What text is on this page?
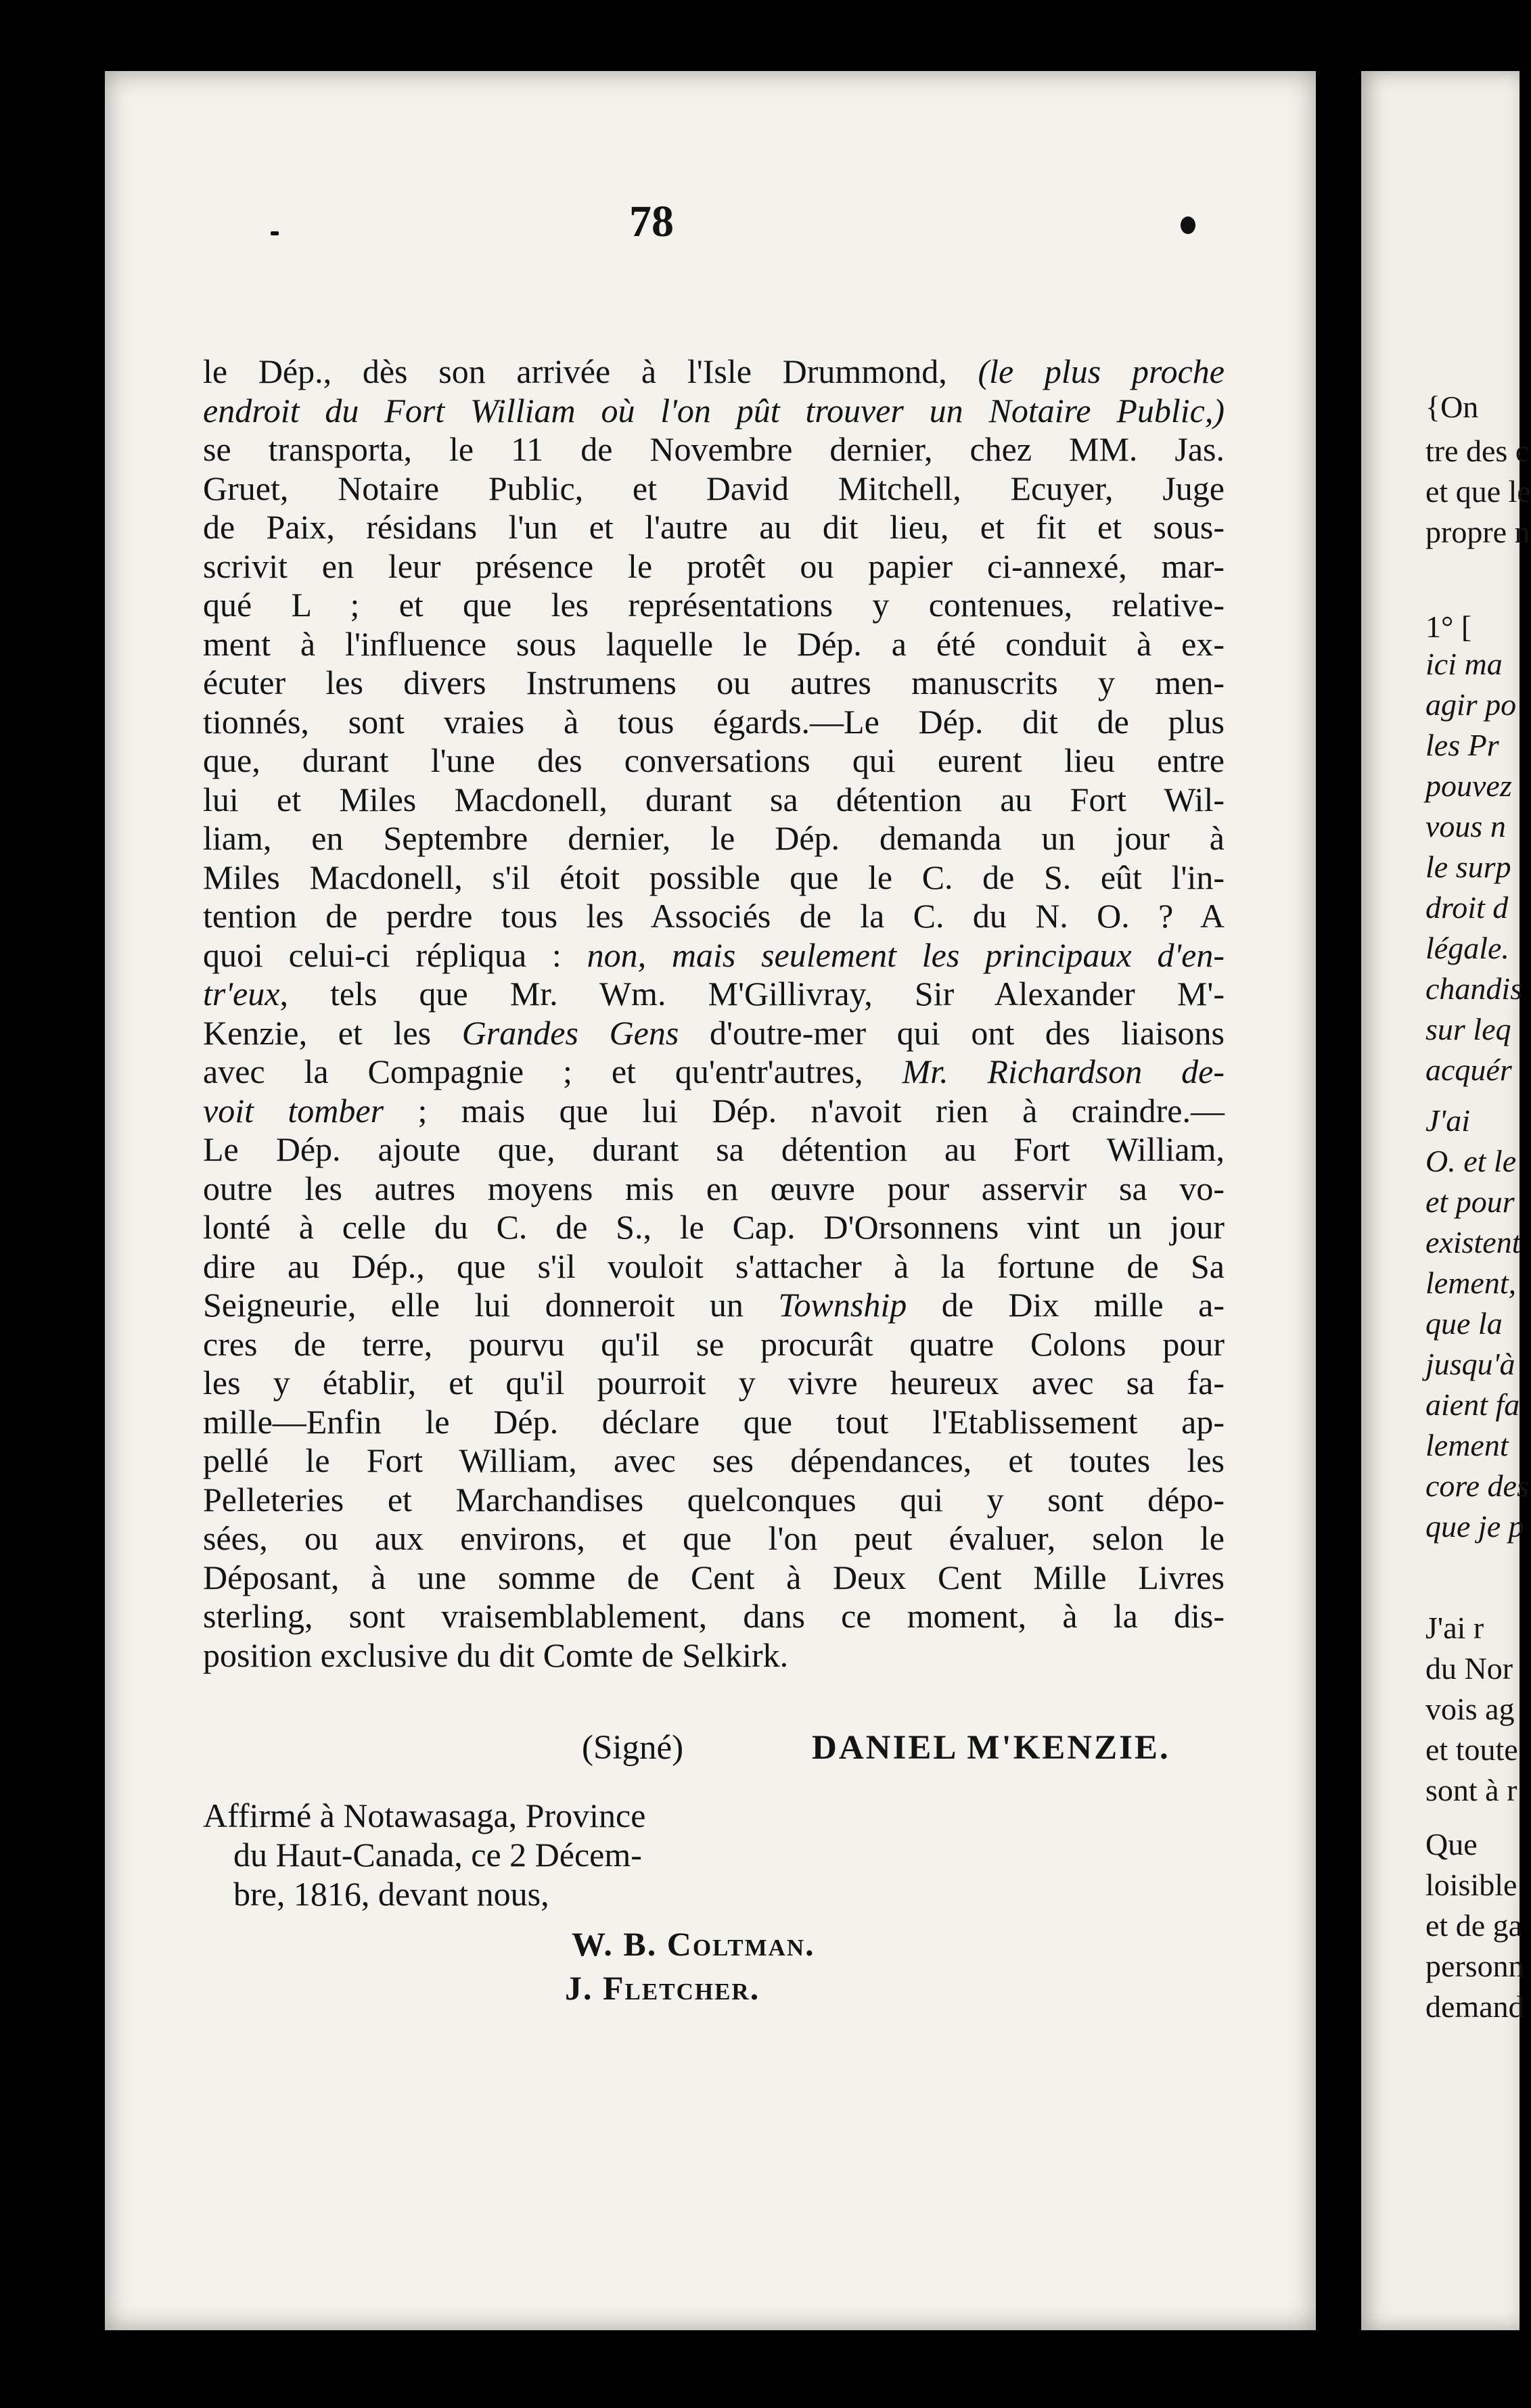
{On
tre des c
et que le
propre n
1° [
ici ma
agir po
les Pr
pouvez
vous n
le surp
droit d
légale.
chandis
sur leq
acquér
J'ai
O. et le
et pour
existent
lement,
que la
jusqu'à
aient fa
lement
core des
que je p
J'ai r
du Nor
vois ag
et toute
sont à r
Que
loisible
et de ga
personn
demand
78
le Dép., dès son arrivée à l'Isle Drummond, (le plus proche
endroit du Fort William où l'on pût trouver un Notaire Public,)
se transporta, le 11 de Novembre dernier, chez MM. Jas.
Gruet, Notaire Public, et David Mitchell, Ecuyer, Juge
de Paix, résidans l'un et l'autre au dit lieu, et fit et sous-
scrivit en leur présence le protêt ou papier ci-annexé, mar-
qué L ; et que les représentations y contenues, relative-
ment à l'influence sous laquelle le Dép. a été conduit à ex-
écuter les divers Instrumens ou autres manuscrits y men-
tionnés, sont vraies à tous égards.—Le Dép. dit de plus
que, durant l'une des conversations qui eurent lieu entre
lui et Miles Macdonell, durant sa détention au Fort Wil-
liam, en Septembre dernier, le Dép. demanda un jour à
Miles Macdonell, s'il étoit possible que le C. de S. eût l'in-
tention de perdre tous les Associés de la C. du N. O. ? A
quoi celui-ci répliqua : non, mais seulement les principaux d'en-
tr'eux, tels que Mr. Wm. M'Gillivray, Sir Alexander M'-
Kenzie, et les Grandes Gens d'outre-mer qui ont des liaisons
avec la Compagnie ; et qu'entr'autres, Mr. Richardson de-
voit tomber ; mais que lui Dép. n'avoit rien à craindre.—
Le Dép. ajoute que, durant sa détention au Fort William,
outre les autres moyens mis en œuvre pour asservir sa vo-
lonté à celle du C. de S., le Cap. D'Orsonnens vint un jour
dire au Dép., que s'il vouloit s'attacher à la fortune de Sa
Seigneurie, elle lui donneroit un Township de Dix mille a-
cres de terre, pourvu qu'il se procurât quatre Colons pour
les y établir, et qu'il pourroit y vivre heureux avec sa fa-
mille—Enfin le Dép. déclare que tout l'Etablissement ap-
pellé le Fort William, avec ses dépendances, et toutes les
Pelleteries et Marchandises quelconques qui y sont dépo-
sées, ou aux environs, et que l'on peut évaluer, selon le
Déposant, à une somme de Cent à Deux Cent Mille Livres
sterling, sont vraisemblablement, dans ce moment, à la dis-
position exclusive du dit Comte de Selkirk.
(Signé)	DANIEL M'KENZIE.
Affirmé à Notawasaga, Province
du Haut-Canada, ce 2 Décem-
bre, 1816, devant nous,
W. B. Coltman.
J. Fletcher.
